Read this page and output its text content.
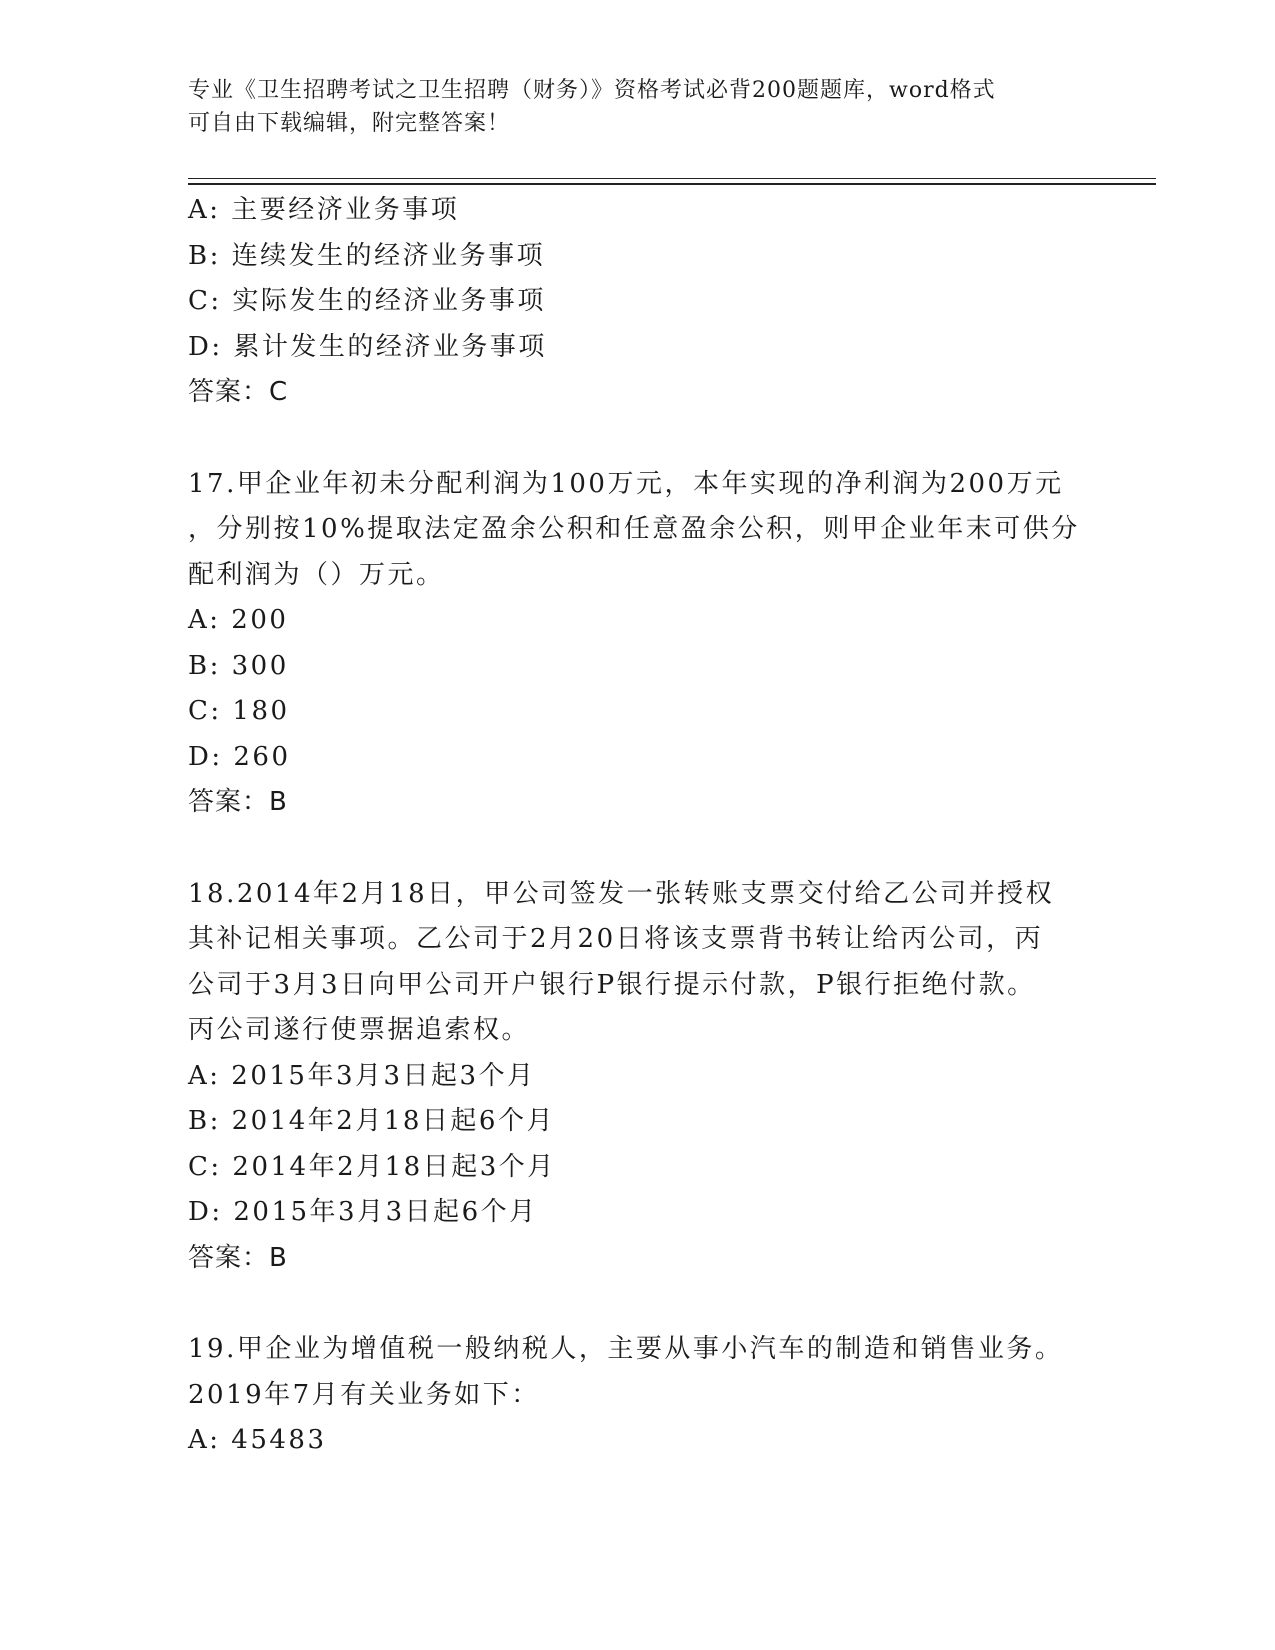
专业《卫生招聘考试之卫生招聘（财务）》资格考试必背200题题库，word格式
可自由下载编辑，附完整答案！
A: 主要经济业务事项
B: 连续发生的经济业务事项
C: 实际发生的经济业务事项
D: 累计发生的经济业务事项
答案：C
17.甲企业年初未分配利润为100万元，本年实现的净利润为200万元
，分别按10%提取法定盈余公积和任意盈余公积，则甲企业年末可供分
配利润为（）万元。
A: 200
B: 300
C: 180
D: 260
答案：B
18.2014年2月18日，甲公司签发一张转账支票交付给乙公司并授权
其补记相关事项。乙公司于2月20日将该支票背书转让给丙公司，丙
公司于3月3日向甲公司开户银行P银行提示付款，P银行拒绝付款。
丙公司遂行使票据追索权。
A: 2015年3月3日起3个月
B: 2014年2月18日起6个月
C: 2014年2月18日起3个月
D: 2015年3月3日起6个月
答案：B
19.甲企业为增值税一般纳税人，主要从事小汽车的制造和销售业务。
2019年7月有关业务如下：
A: 45483
